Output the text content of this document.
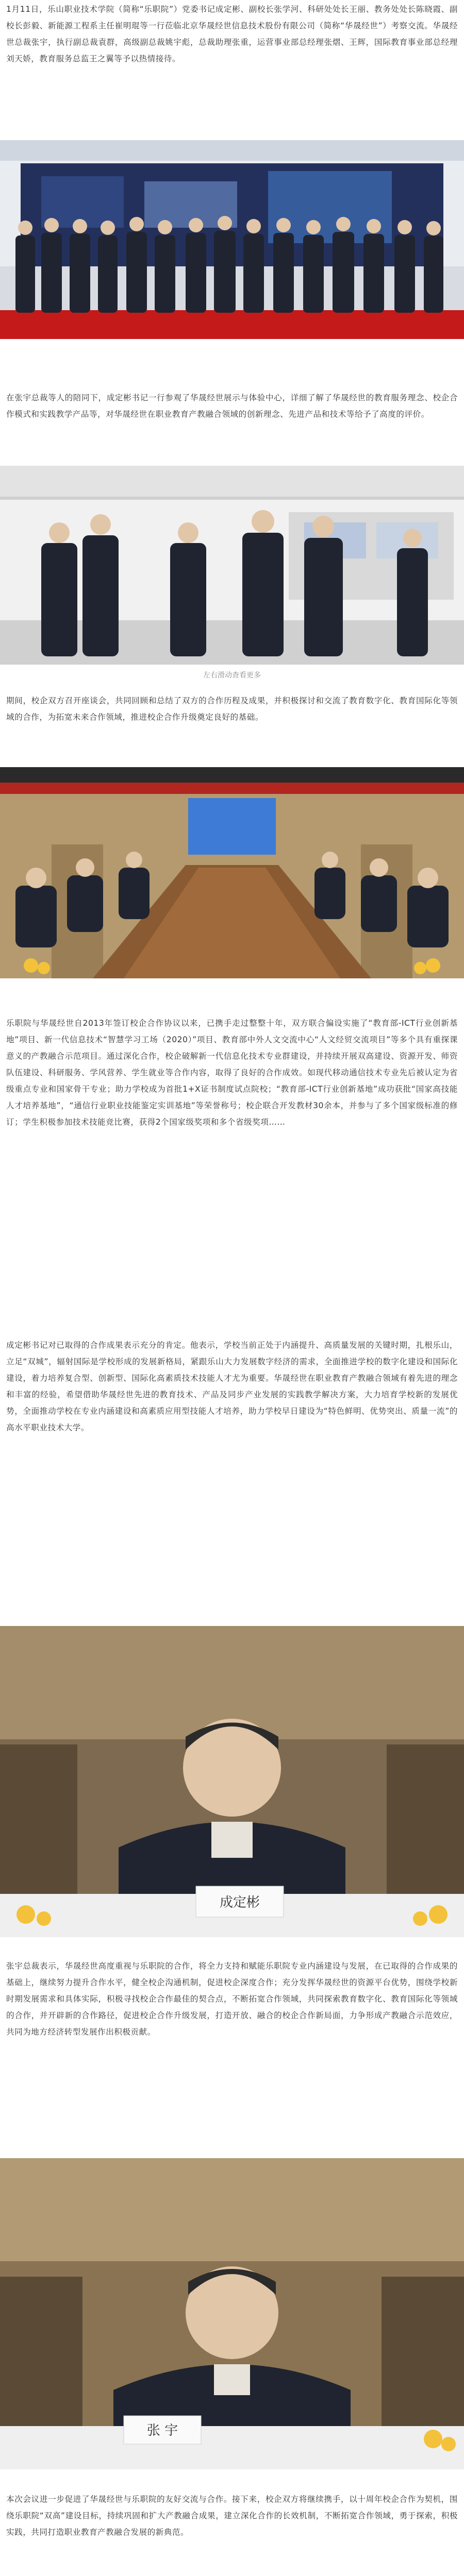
1月11日，乐山职业技术学院（简称“乐职院”）党委书记成定彬、副校长张学河、科研处处长王丽、教务处处长陈晓霞、副校长彭毅、新能源工程系主任崔明琨等一行莅临北京华晟经世信息技术股份有限公司（简称“华晟经世”）考察交流。华晟经世总裁张宇，执行副总裁袁群，高级副总裁姚宇彪，总裁助理张重，运营事业部总经理张熠、王辉，国际教育事业部总经理刘天娇，教育服务总监王之翼等予以热情接待。

在张宇总裁等人的陪同下，成定彬书记一行参观了华晟经世展示与体验中心，详细了解了华晟经世的教育服务理念、校企合作模式和实践教学产品等，对华晟经世在职业教育产教融合领域的创新理念、先进产品和技术等给予了高度的评价。

左右滑动查看更多

期间，校企双方召开座谈会，共同回顾和总结了双方的合作历程及成果，并积极探讨和交流了教育数字化、教育国际化等领域的合作，为拓宽未来合作领域，推进校企合作升级奠定良好的基础。

乐职院与华晟经世自2013年签订校企合作协议以来，已携手走过整整十年，双方联合偏设实施了“教育部-ICT行业创新基地”项目、新一代信息技术“智慧学习工场（2020）”项目、教育部中外人文交流中心“人文经贸交流项目”等多个具有重探课意义的产教融合示范项目。通过深化合作，校企破解新一代信息化技术专业群建设，并持续开展双高建设、资源开发、师资队伍建设、科研服务、学风营养、学生就业等合作内容，取得了良好的合作成效。如现代移动通信技术专业先后被认定为省级重点专业和国家骨干专业；助力学校成为首批1+X证书制度试点院校；“教育部-ICT行业创新基地”成功获批“国家高技能人才培养基地”，“通信行业职业技能鉴定实训基地”等荣誉称号；校企联合开发教材30余本，并参与了多个国家级标准的修订；学生积极参加技术技能竞比赛，获得2个国家级奖项和多个省级奖项……

成定彬书记对已取得的合作成果表示充分的肯定。他表示，学校当前正处于内涵提升、高质量发展的关键时期，扎根乐山，立足“双城”，辐射国际是学校形成的发展新格局，紧跟乐山大力发展数字经济的需求，全面推进学校的数字化建设和国际化建设，着力培养复合型、创新型、国际化高素质技术技能人才尤为重要。华晟经世在职业教育产教融合领域有着先进的理念和丰富的经验，希望借助华晟经世先进的教育技术、产品及同步产业发展的实践教学解决方案，大力培育学校新的发展优势，全面推动学校在专业内涵建设和高素质应用型技能人才培养，助力学校早日建设为“特色鲜明、优势突出、质量一流”的高水平职业技术大学。

成定彬

张宇总裁表示，华晟经世高度重视与乐职院的合作，将全力支持和赋能乐职院专业内涵建设与发展，在已取得的合作成果的基础上，继续努力提升合作水平，健全校企沟通机制，促进校企深度合作；充分发挥华晟经世的资源平台优势，围绕学校新时期发展需求和具体实际，积极寻找校企合作最佳的契合点，不断拓宽合作领域，共同探索教育数字化、教育国际化等领域的合作，并开辟新的合作路径，促进校企合作升级发展，打造开放、融合的校企合作新局面，力争形成产教融合示范效应，共同为地方经济转型发展作出积极贡献。

张 宇

本次会议进一步促进了华晟经世与乐职院的友好交流与合作。接下来，校企双方将继续携手，以十周年校企合作为契机，围绕乐职院“双高”建设目标，持续巩固和扩大产教融合成果，建立深化合作的长效机制，不断拓宽合作领域，勇于探索，积极实践，共同打造职业教育产教融合发展的新典范。
